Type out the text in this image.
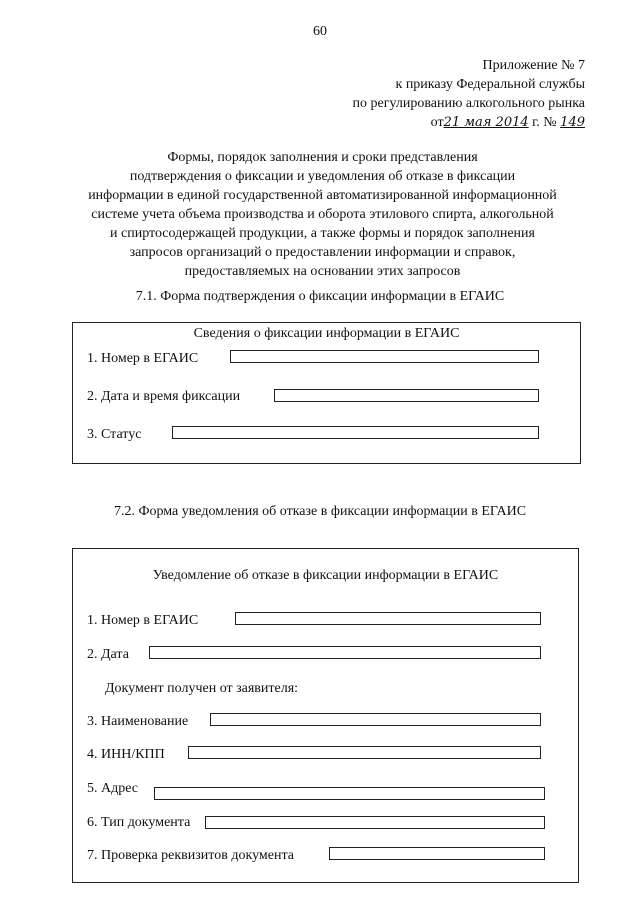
60
Приложение № 7
к приказу Федеральной службы
по регулированию алкогольного рынка
от21 мая 2014 г. № 149
Формы, порядок заполнения и сроки представления
подтверждения о фиксации и уведомления об отказе в фиксации
информации в единой государственной автоматизированной информационной
системе учета объема производства и оборота этилового спирта, алкогольной
и спиртосодержащей продукции, а также формы и порядок заполнения
запросов организаций о предоставлении информации и справок,
предоставляемых на основании этих запросов
7.1. Форма подтверждения о фиксации информации в ЕГАИС
Сведения о фиксации информации в ЕГАИС
1. Номер в ЕГАИС
2. Дата и время фиксации
3. Статус
7.2. Форма уведомления об отказе в фиксации информации в ЕГАИС
Уведомление об отказе в фиксации информации в ЕГАИС
1. Номер в ЕГАИС
2. Дата
Документ получен от заявителя:
3. Наименование
4. ИНН/КПП
5. Адрес
6. Тип документа
7. Проверка реквизитов документа
